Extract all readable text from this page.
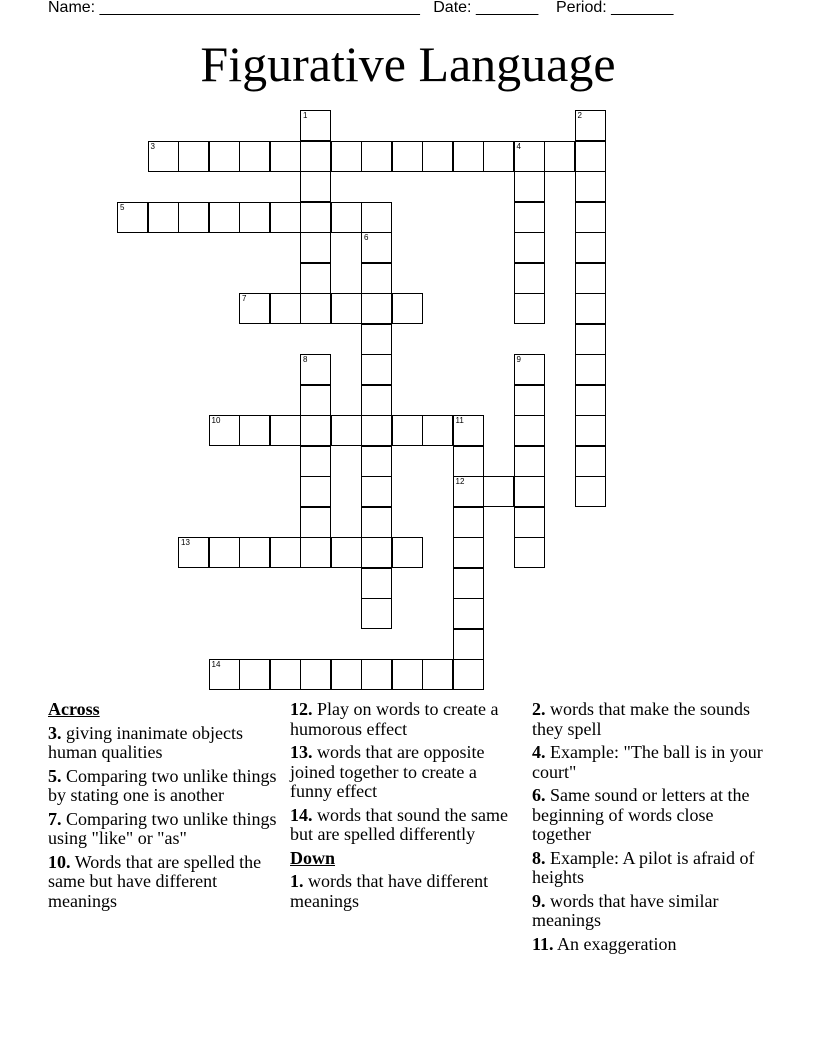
Name: ____________________________________   Date: _______    Period: _______
Figurative Language
1	2
3	4
5
6
7
8	9
10	11
12
13
14
Across
3. giving inanimate objects human qualities
5. Comparing two unlike things by stating one is another
7. Comparing two unlike things using "like" or "as"
10. Words that are spelled the same but have different meanings
12. Play on words to create a humorous effect
13. words that are opposite joined together to create a funny effect
14. words that sound the same but are spelled differently
Down
1. words that have different meanings
2. words that make the sounds they spell
4. Example: "The ball is in your court"
6. Same sound or letters at the beginning of words close together
8. Example: A pilot is afraid of heights
9. words that have similar meanings
11. An exaggeration
